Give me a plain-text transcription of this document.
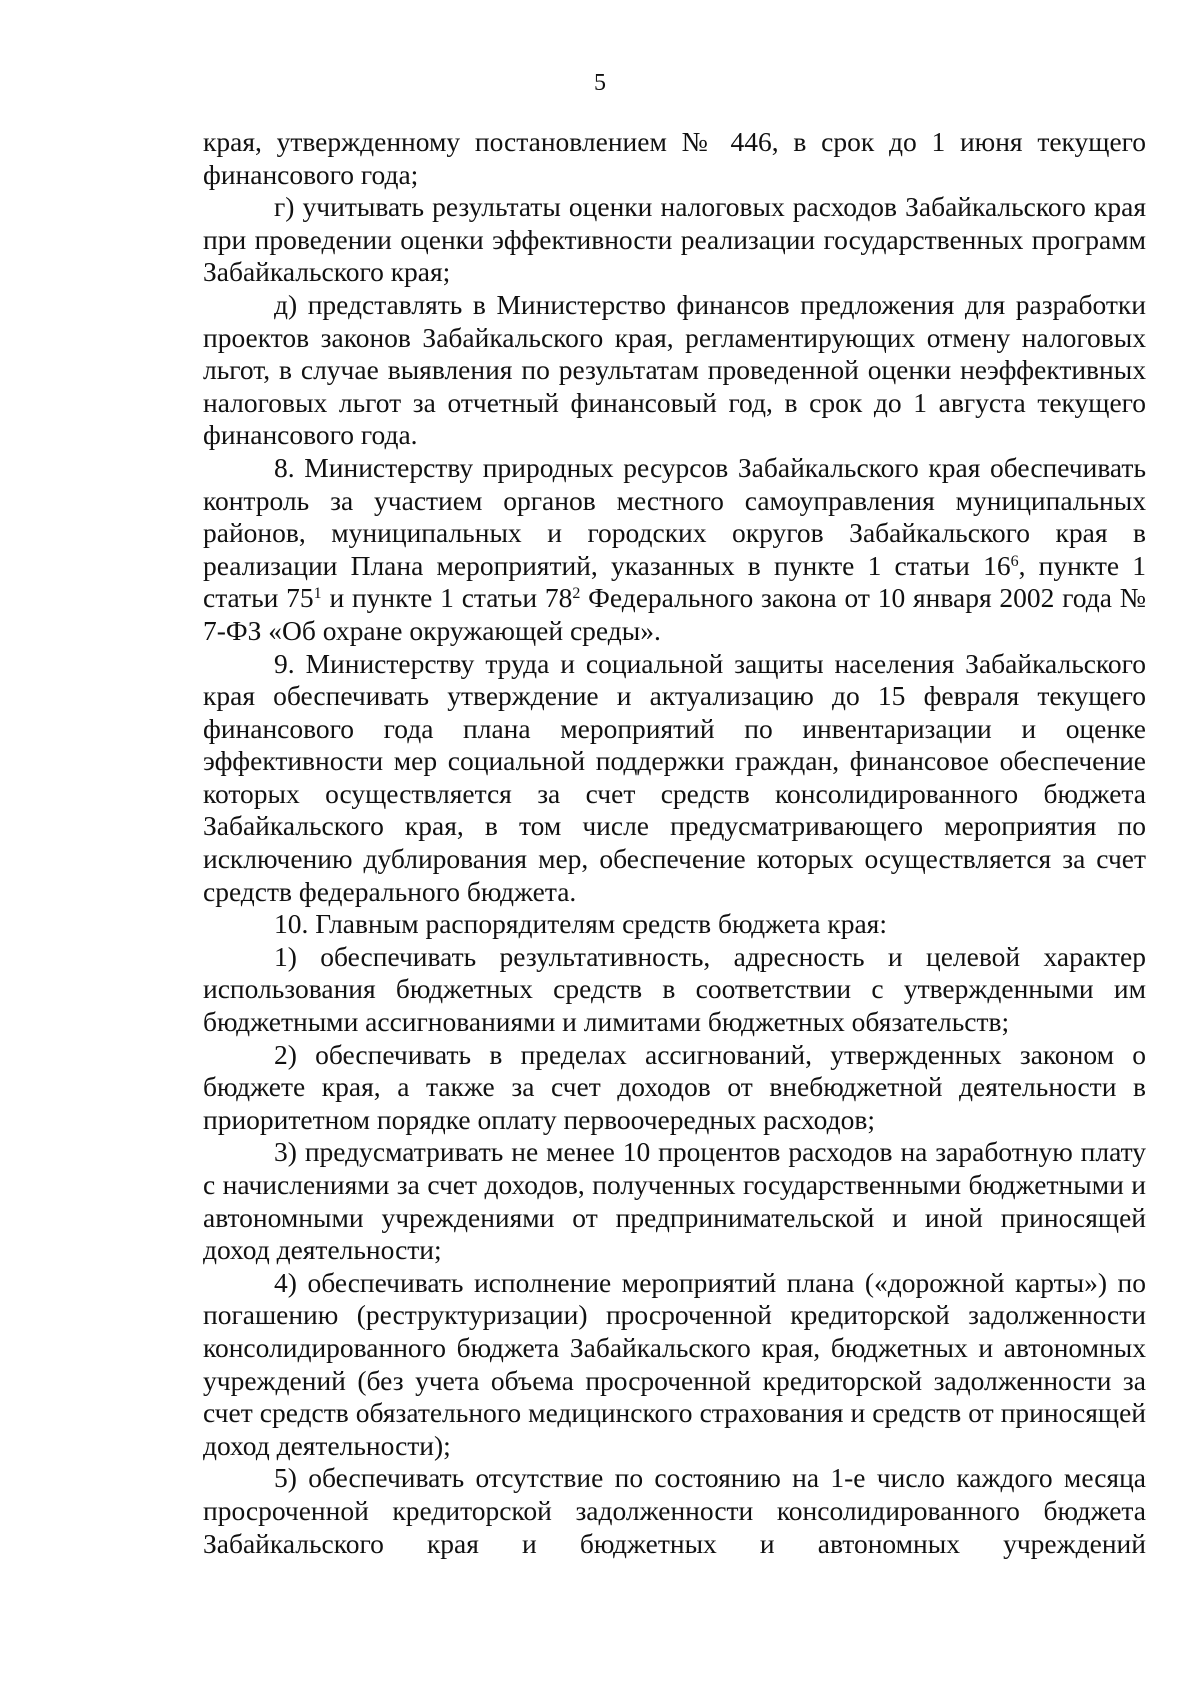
5

края, утвержденному постановлением № 446, в срок до 1 июня текущего финансового года;

г) учитывать результаты оценки налоговых расходов Забайкальского края при проведении оценки эффективности реализации государственных программ Забайкальского края;

д) представлять в Министерство финансов предложения для разработки проектов законов Забайкальского края, регламентирующих отмену налоговых льгот, в случае выявления по результатам проведенной оценки неэффективных налоговых льгот за отчетный финансовый год, в срок до 1 августа текущего финансового года.

8. Министерству природных ресурсов Забайкальского края обеспечивать контроль за участием органов местного самоуправления муниципальных районов, муниципальных и городских округов Забайкальского края в реализации Плана мероприятий, указанных в пункте 1 статьи $16^6$, пункте 1 статьи $75^1$ и пункте 1 статьи $78^2$ Федерального закона от 10 января 2002 года № 7-ФЗ «Об охране окружающей среды».

9. Министерству труда и социальной защиты населения Забайкальского края обеспечивать утверждение и актуализацию до 15 февраля текущего финансового года плана мероприятий по инвентаризации и оценке эффективности мер социальной поддержки граждан, финансовое обеспечение которых осуществляется за счет средств консолидированного бюджета Забайкальского края, в том числе предусматривающего мероприятия по исключению дублирования мер, обеспечение которых осуществляется за счет средств федерального бюджета.

10. Главным распорядителям средств бюджета края:

1) обеспечивать результативность, адресность и целевой характер использования бюджетных средств в соответствии с утвержденными им бюджетными ассигнованиями и лимитами бюджетных обязательств;

2) обеспечивать в пределах ассигнований, утвержденных законом о бюджете края, а также за счет доходов от внебюджетной деятельности в приоритетном порядке оплату первоочередных расходов;

3) предусматривать не менее 10 процентов расходов на заработную плату с начислениями за счет доходов, полученных государственными бюджетными и автономными учреждениями от предпринимательской и иной приносящей доход деятельности;

4) обеспечивать исполнение мероприятий плана («дорожной карты») по погашению (реструктуризации) просроченной кредиторской задолженности консолидированного бюджета Забайкальского края, бюджетных и автономных учреждений (без учета объема просроченной кредиторской задолженности за счет средств обязательного медицинского страхования и средств от приносящей доход деятельности);

5) обеспечивать отсутствие по состоянию на 1-е число каждого месяца просроченной кредиторской задолженности консолидированного бюджета Забайкальского края и бюджетных и автономных учреждений
